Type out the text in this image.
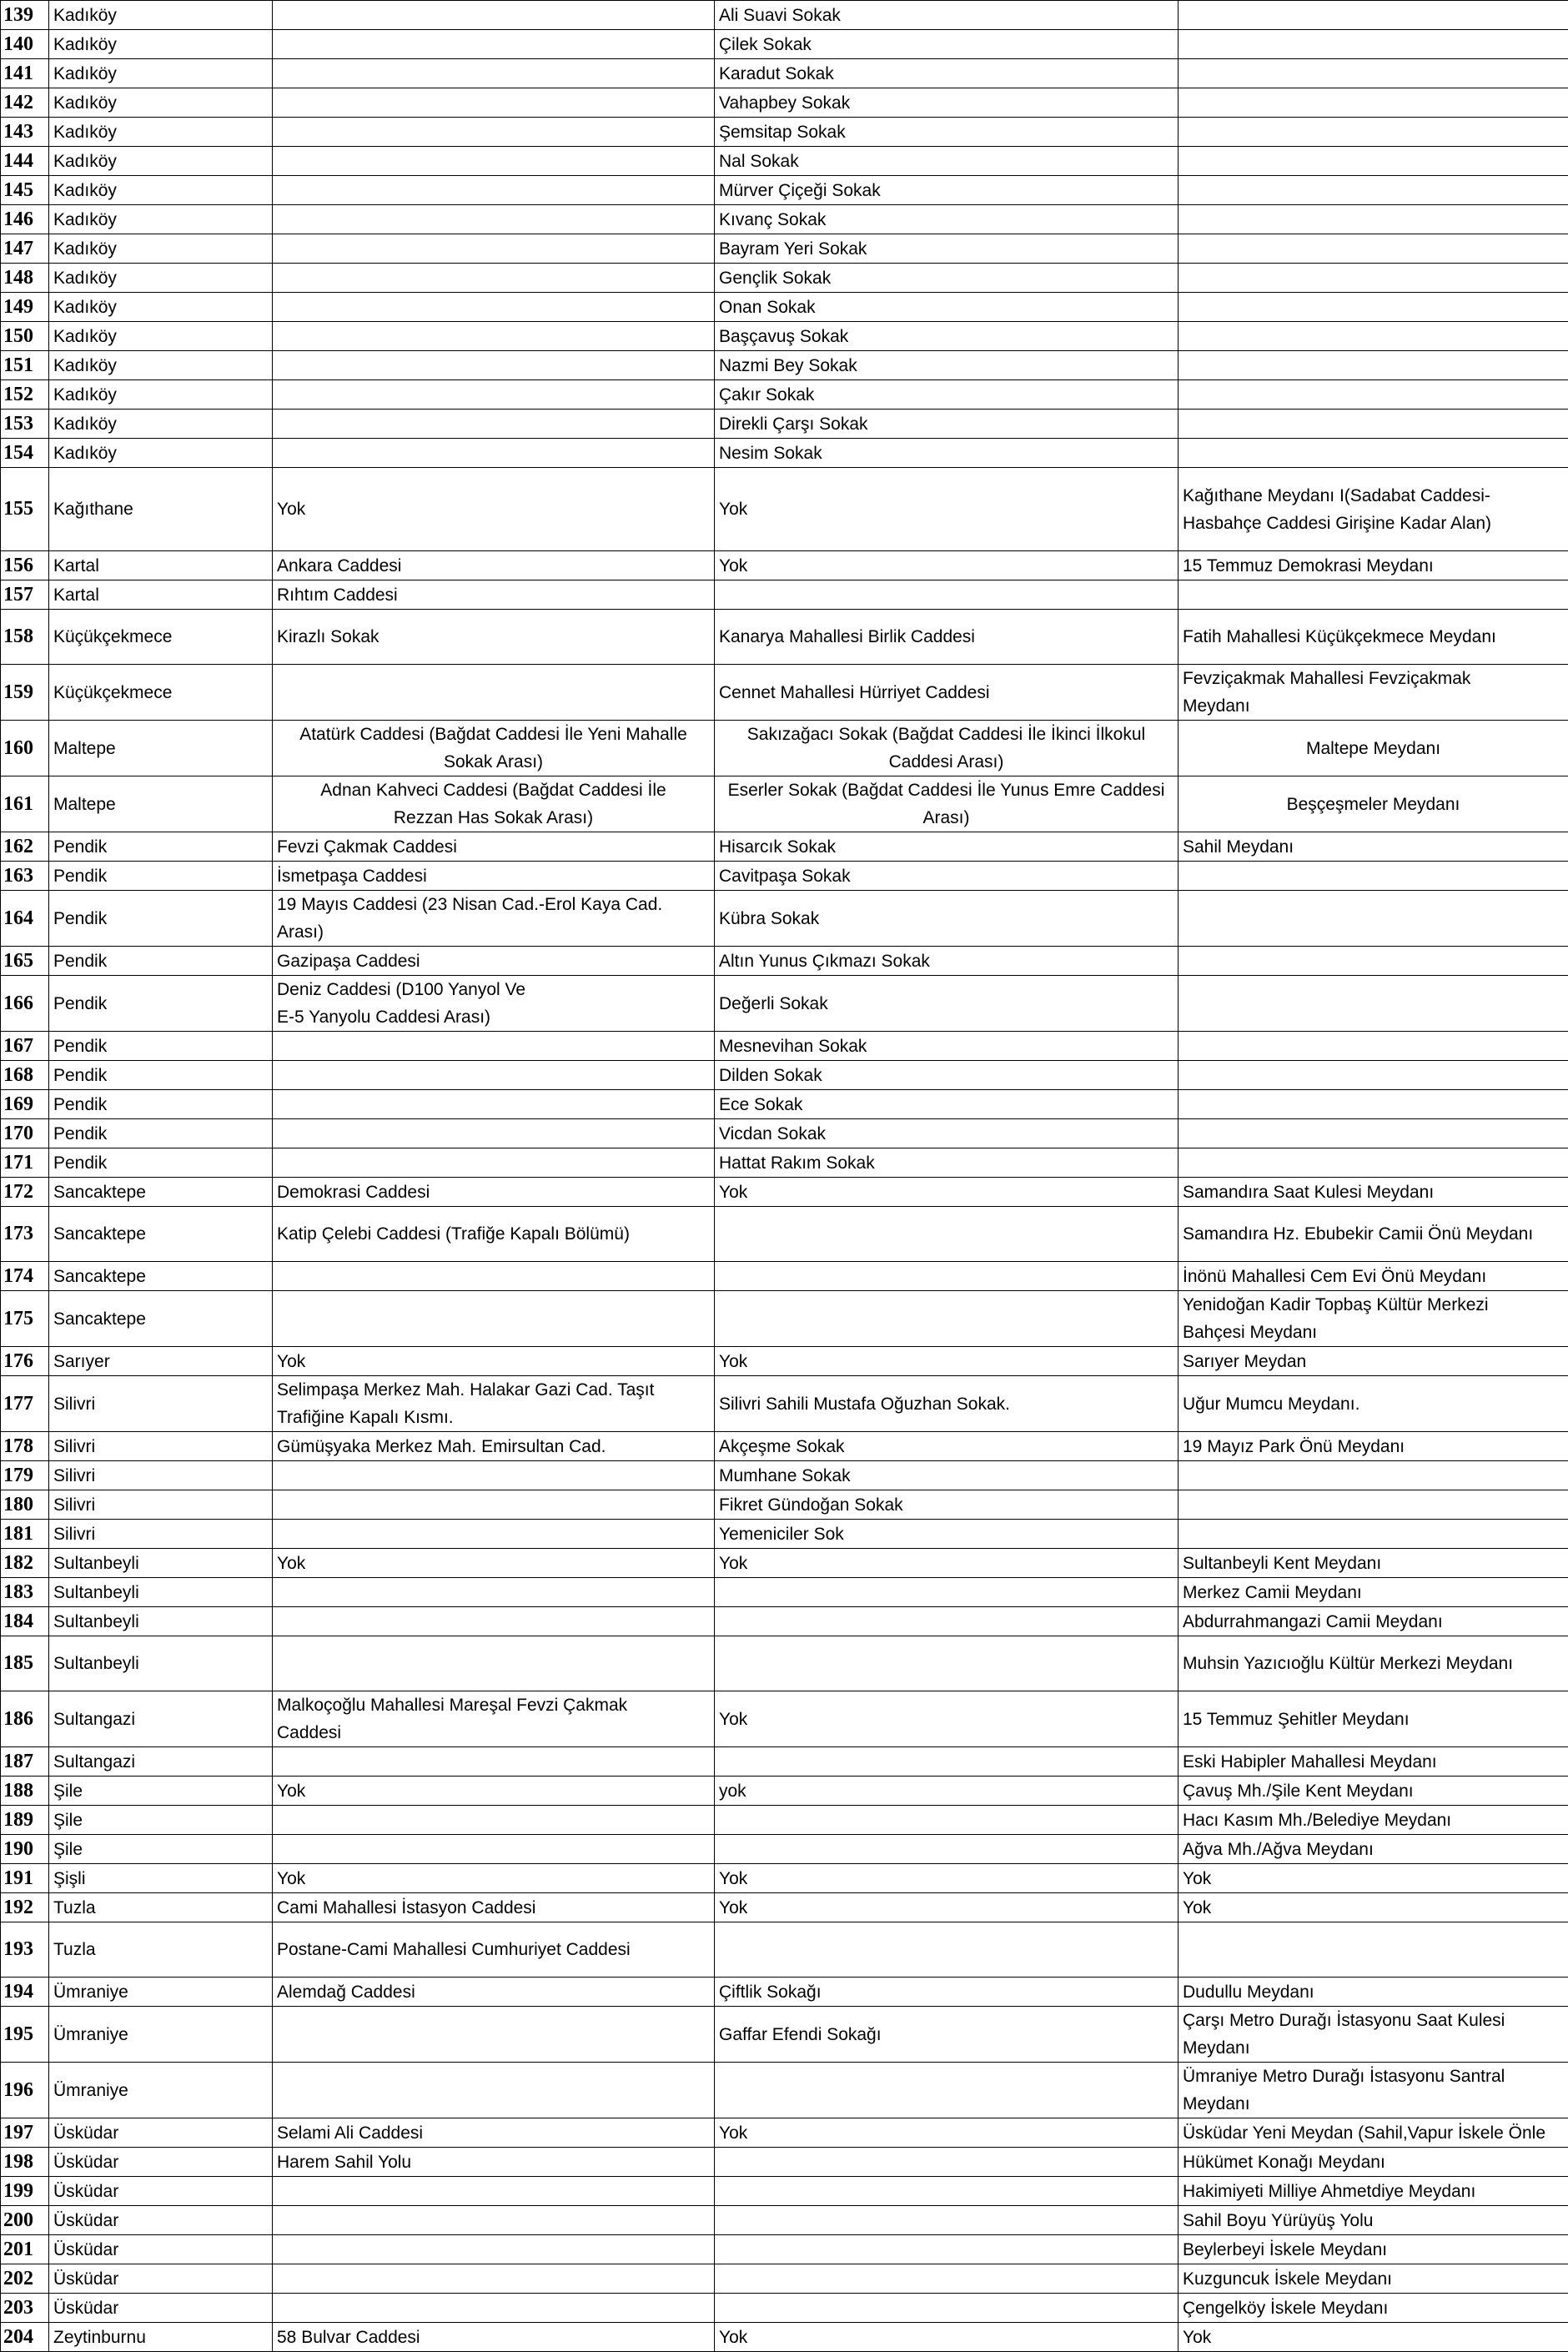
139	Kadıköy		Ali Suavi Sokak	
140	Kadıköy		Çilek Sokak	
141	Kadıköy		Karadut Sokak	
142	Kadıköy		Vahapbey Sokak	
143	Kadıköy		Şemsitap Sokak	
144	Kadıköy		Nal Sokak	
145	Kadıköy		Mürver Çiçeği Sokak	
146	Kadıköy		Kıvanç Sokak	
147	Kadıköy		Bayram Yeri Sokak	
148	Kadıköy		Gençlik Sokak	
149	Kadıköy		Onan Sokak	
150	Kadıköy		Başçavuş Sokak	
151	Kadıköy		Nazmi Bey Sokak	
152	Kadıköy		Çakır Sokak	
153	Kadıköy		Direkli Çarşı Sokak	
154	Kadıköy		Nesim Sokak	
155	Kağıthane	Yok	Yok	Kağıthane Meydanı I(Sadabat Caddesi-
Hasbahçe Caddesi Girişine Kadar Alan)
156	Kartal	Ankara Caddesi	Yok	15 Temmuz Demokrasi Meydanı
157	Kartal	Rıhtım Caddesi		
158	Küçükçekmece	Kirazlı Sokak	Kanarya Mahallesi Birlik Caddesi	Fatih Mahallesi Küçükçekmece Meydanı
159	Küçükçekmece		Cennet Mahallesi Hürriyet Caddesi	Fevziçakmak Mahallesi Fevziçakmak
Meydanı
160	Maltepe	Atatürk Caddesi (Bağdat Caddesi İle Yeni Mahalle
Sokak Arası)	Sakızağacı Sokak (Bağdat Caddesi İle İkinci İlkokul
Caddesi Arası)	Maltepe Meydanı
161	Maltepe	Adnan Kahveci Caddesi (Bağdat Caddesi İle
Rezzan Has Sokak Arası)	Eserler Sokak (Bağdat Caddesi İle Yunus Emre Caddesi
Arası)	Beşçeşmeler Meydanı
162	Pendik	Fevzi Çakmak Caddesi	Hisarcık Sokak	Sahil Meydanı
163	Pendik	İsmetpaşa Caddesi	Cavitpaşa Sokak	
164	Pendik	19 Mayıs Caddesi (23 Nisan Cad.-Erol Kaya Cad.
Arası)	Kübra Sokak	
165	Pendik	Gazipaşa Caddesi	Altın Yunus Çıkmazı Sokak	
166	Pendik	Deniz Caddesi (D100 Yanyol Ve
E-5 Yanyolu Caddesi Arası)	Değerli Sokak	
167	Pendik		Mesnevihan Sokak	
168	Pendik		Dilden Sokak	
169	Pendik		Ece Sokak	
170	Pendik		Vicdan Sokak	
171	Pendik		Hattat Rakım Sokak	
172	Sancaktepe	Demokrasi Caddesi	Yok	Samandıra Saat Kulesi Meydanı
173	Sancaktepe	Katip Çelebi Caddesi (Trafiğe Kapalı Bölümü)		Samandıra Hz. Ebubekir Camii Önü Meydanı
174	Sancaktepe			İnönü Mahallesi Cem Evi Önü Meydanı
175	Sancaktepe			Yenidoğan Kadir Topbaş Kültür Merkezi
Bahçesi Meydanı
176	Sarıyer	Yok	Yok	Sarıyer Meydan
177	Silivri	Selimpaşa Merkez Mah. Halakar Gazi Cad. Taşıt
Trafiğine Kapalı Kısmı.	Silivri Sahili Mustafa Oğuzhan Sokak.	Uğur Mumcu Meydanı.
178	Silivri	Gümüşyaka Merkez Mah. Emirsultan Cad.	Akçeşme Sokak	19 Mayız Park Önü Meydanı
179	Silivri		Mumhane Sokak	
180	Silivri		Fikret Gündoğan Sokak	
181	Silivri		Yemeniciler Sok	
182	Sultanbeyli	Yok	Yok	Sultanbeyli Kent Meydanı
183	Sultanbeyli			Merkez Camii Meydanı
184	Sultanbeyli			Abdurrahmangazi Camii Meydanı
185	Sultanbeyli			Muhsin Yazıcıoğlu Kültür Merkezi Meydanı
186	Sultangazi	Malkoçoğlu Mahallesi Mareşal Fevzi Çakmak
Caddesi	Yok	15 Temmuz Şehitler Meydanı
187	Sultangazi			Eski Habipler Mahallesi Meydanı
188	Şile	Yok	yok	Çavuş Mh./Şile Kent Meydanı
189	Şile			Hacı Kasım Mh./Belediye Meydanı
190	Şile			Ağva Mh./Ağva Meydanı
191	Şişli	Yok	Yok	Yok
192	Tuzla	Cami Mahallesi İstasyon Caddesi	Yok	Yok
193	Tuzla	Postane-Cami Mahallesi Cumhuriyet Caddesi		
194	Ümraniye	Alemdağ Caddesi	Çiftlik Sokağı	Dudullu Meydanı
195	Ümraniye		Gaffar Efendi Sokağı	Çarşı Metro Durağı İstasyonu Saat Kulesi
Meydanı
196	Ümraniye			Ümraniye Metro Durağı İstasyonu Santral
Meydanı
197	Üsküdar	Selami Ali Caddesi	Yok	Üsküdar Yeni Meydan (Sahil,Vapur İskele Önle
198	Üsküdar	Harem Sahil Yolu		Hükümet Konağı Meydanı
199	Üsküdar			Hakimiyeti Milliye Ahmetdiye Meydanı
200	Üsküdar			Sahil Boyu Yürüyüş Yolu
201	Üsküdar			Beylerbeyi İskele Meydanı
202	Üsküdar			Kuzguncuk İskele Meydanı
203	Üsküdar			Çengelköy İskele Meydanı
204	Zeytinburnu	58 Bulvar Caddesi	Yok	Yok
